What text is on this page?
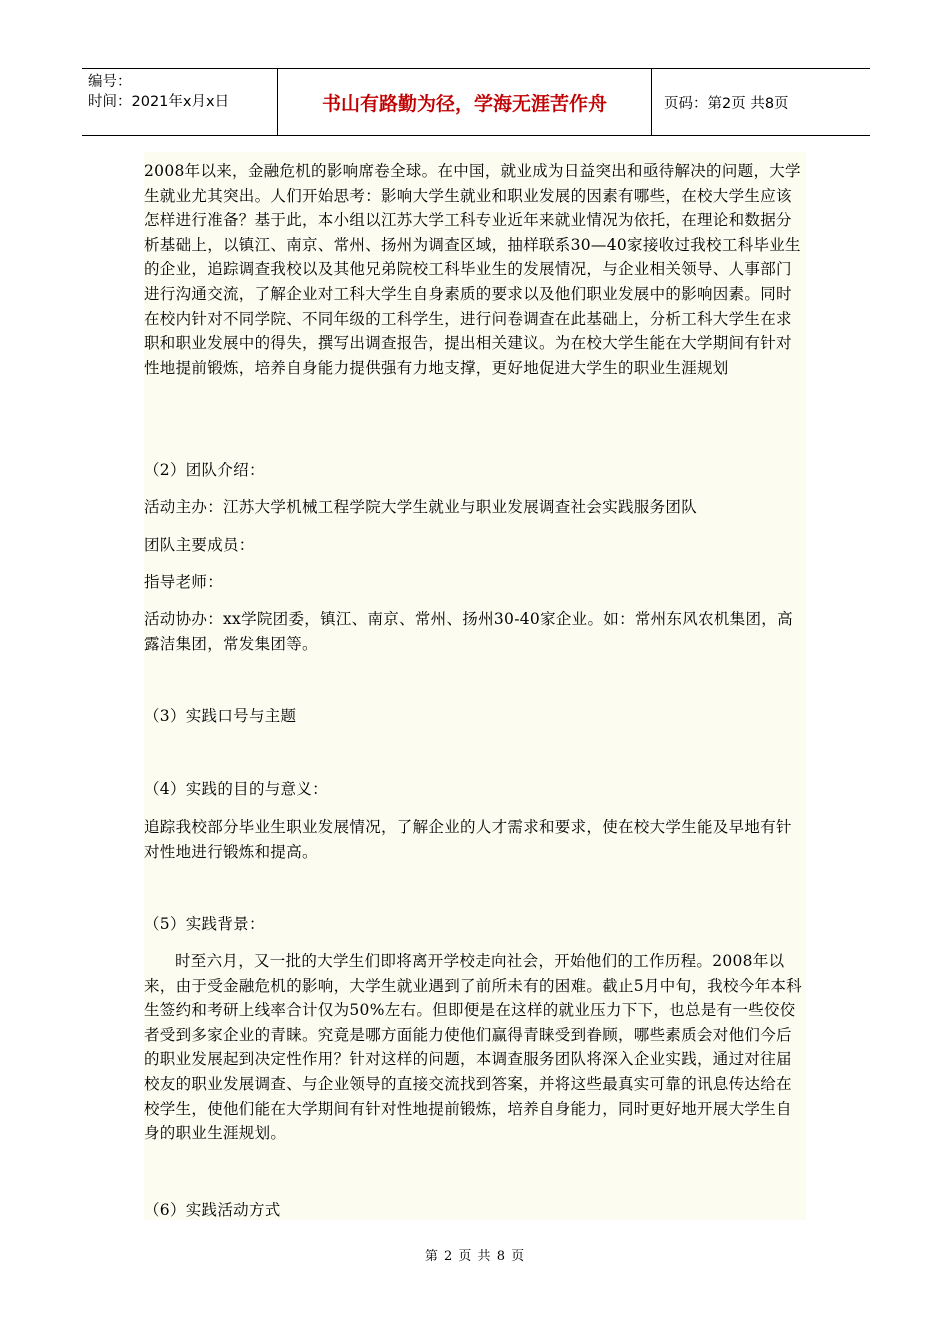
编号：
时间：2021年x月x日	书山有路勤为径，学海无涯苦作舟	页码：第2页 共8页

2008年以来，金融危机的影响席卷全球。在中国，就业成为日益突出和亟待解决的问题，大学生就业尤其突出。人们开始思考：影响大学生就业和职业发展的因素有哪些，在校大学生应该怎样进行准备？基于此，本小组以江苏大学工科专业近年来就业情况为依托，在理论和数据分析基础上，以镇江、南京、常州、扬州为调查区域，抽样联系30—40家接收过我校工科毕业生的企业，追踪调查我校以及其他兄弟院校工科毕业生的发展情况，与企业相关领导、人事部门进行沟通交流，了解企业对工科大学生自身素质的要求以及他们职业发展中的影响因素。同时在校内针对不同学院、不同年级的工科学生，进行问卷调查在此基础上，分析工科大学生在求职和职业发展中的得失，撰写出调查报告，提出相关建议。为在校大学生能在大学期间有针对性地提前锻炼，培养自身能力提供强有力地支撑，更好地促进大学生的职业生涯规划

（2）团队介绍：

活动主办：江苏大学机械工程学院大学生就业与职业发展调查社会实践服务团队

团队主要成员：

指导老师：

活动协办：xx学院团委，镇江、南京、常州、扬州30-40家企业。如：常州东风农机集团，高露洁集团，常发集团等。

（3）实践口号与主题

（4）实践的目的与意义：

追踪我校部分毕业生职业发展情况，了解企业的人才需求和要求，使在校大学生能及早地有针对性地进行锻炼和提高。

（5）实践背景：

时至六月，又一批的大学生们即将离开学校走向社会，开始他们的工作历程。2008年以来，由于受金融危机的影响，大学生就业遇到了前所未有的困难。截止5月中旬，我校今年本科生签约和考研上线率合计仅为50%左右。但即便是在这样的就业压力下下，也总是有一些佼佼者受到多家企业的青睐。究竟是哪方面能力使他们赢得青睐受到眷顾，哪些素质会对他们今后的职业发展起到决定性作用？针对这样的问题，本调查服务团队将深入企业实践，通过对往届校友的职业发展调查、与企业领导的直接交流找到答案，并将这些最真实可靠的讯息传达给在校学生，使他们能在大学期间有针对性地提前锻炼，培养自身能力，同时更好地开展大学生自身的职业生涯规划。

（6）实践活动方式

第 2 页 共 8 页
